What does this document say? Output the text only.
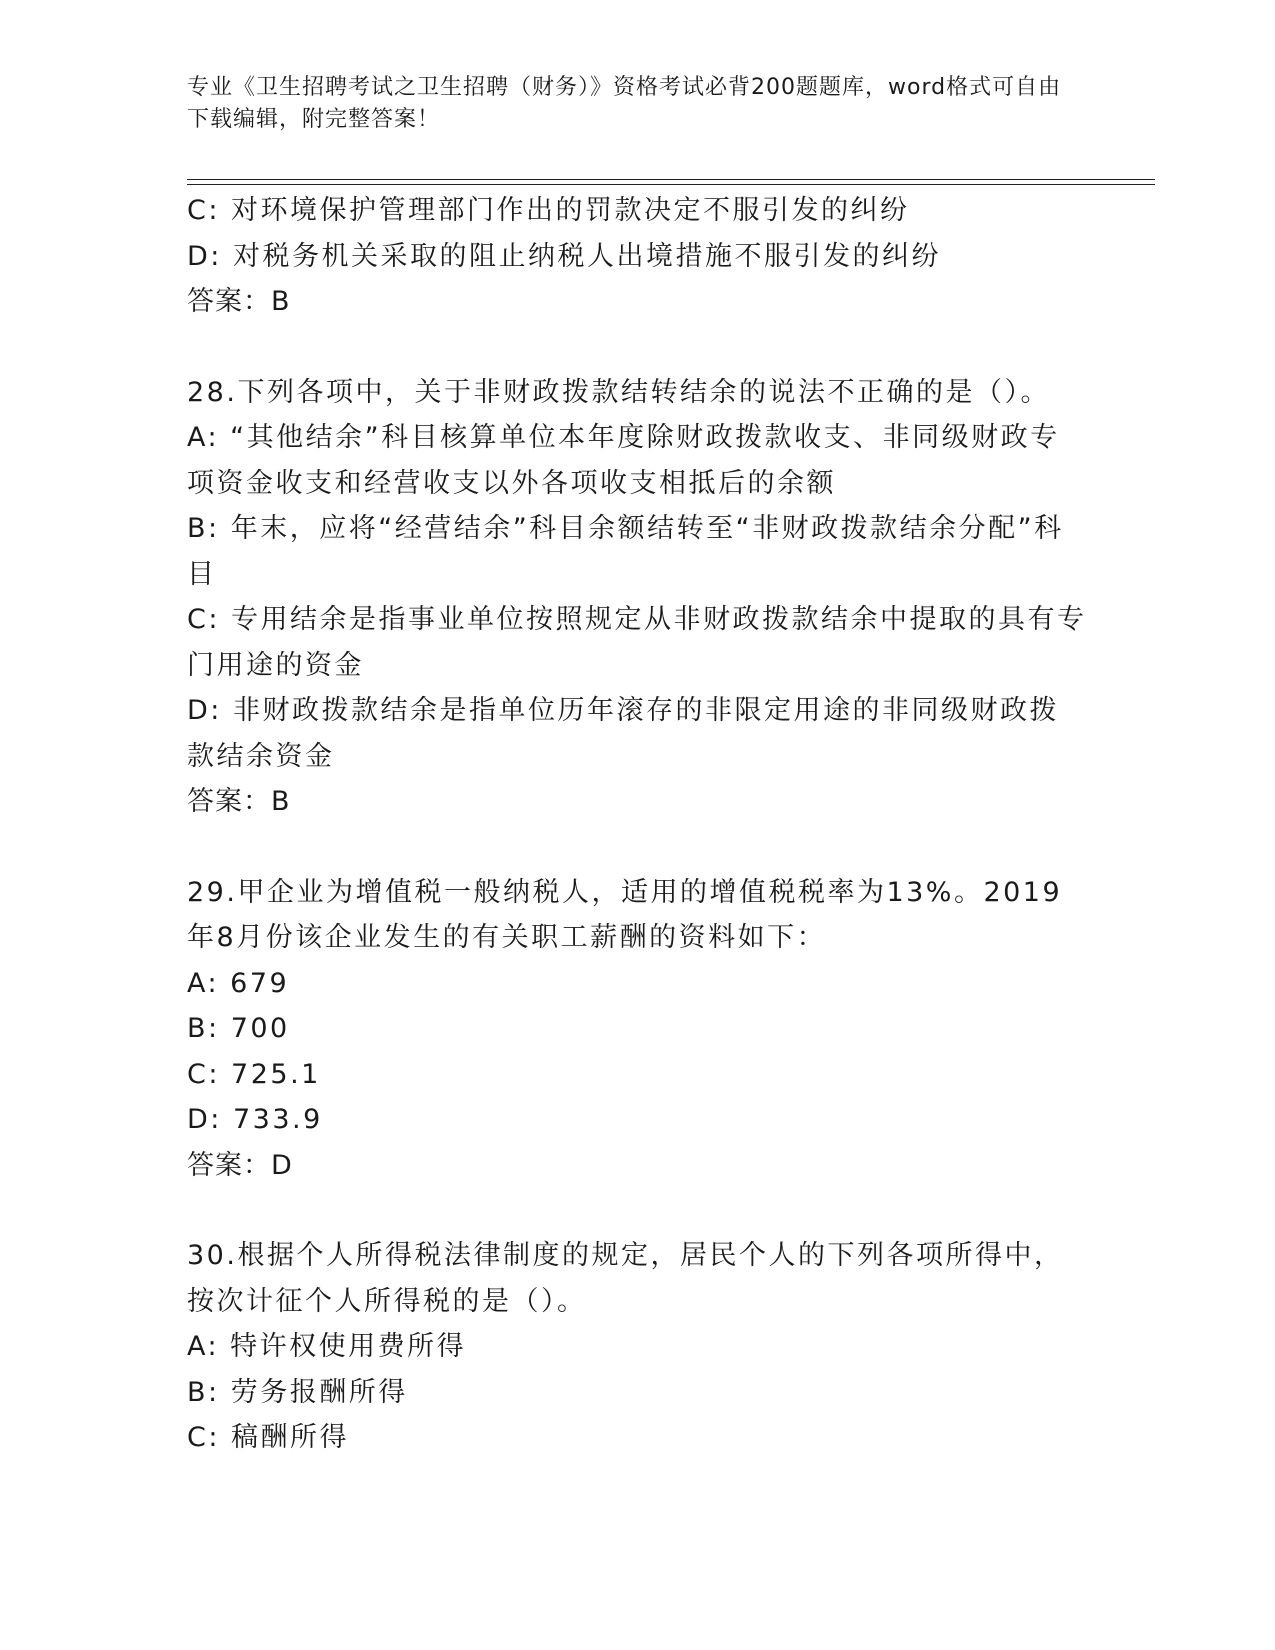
专业《卫生招聘考试之卫生招聘（财务）》资格考试必背200题题库，word格式可自由下载编辑，附完整答案！

C: 对环境保护管理部门作出的罚款决定不服引发的纠纷

D: 对税务机关采取的阻止纳税人出境措施不服引发的纠纷

答案：B

28.下列各项中，关于非财政拨款结转结余的说法不正确的是（）。

A: “其他结余”科目核算单位本年度除财政拨款收支、非同级财政专项资金收支和经营收支以外各项收支相抵后的余额

B: 年末，应将“经营结余”科目余额结转至“非财政拨款结余分配”科目

C: 专用结余是指事业单位按照规定从非财政拨款结余中提取的具有专门用途的资金

D: 非财政拨款结余是指单位历年滚存的非限定用途的非同级财政拨款结余资金

答案：B

29.甲企业为增值税一般纳税人，适用的增值税税率为13%。2019年8月份该企业发生的有关职工薪酬的资料如下：

A: 679

B: 700

C: 725.1

D: 733.9

答案：D

30.根据个人所得税法律制度的规定，居民个人的下列各项所得中，按次计征个人所得税的是（）。

A: 特许权使用费所得

B: 劳务报酬所得

C: 稿酬所得
